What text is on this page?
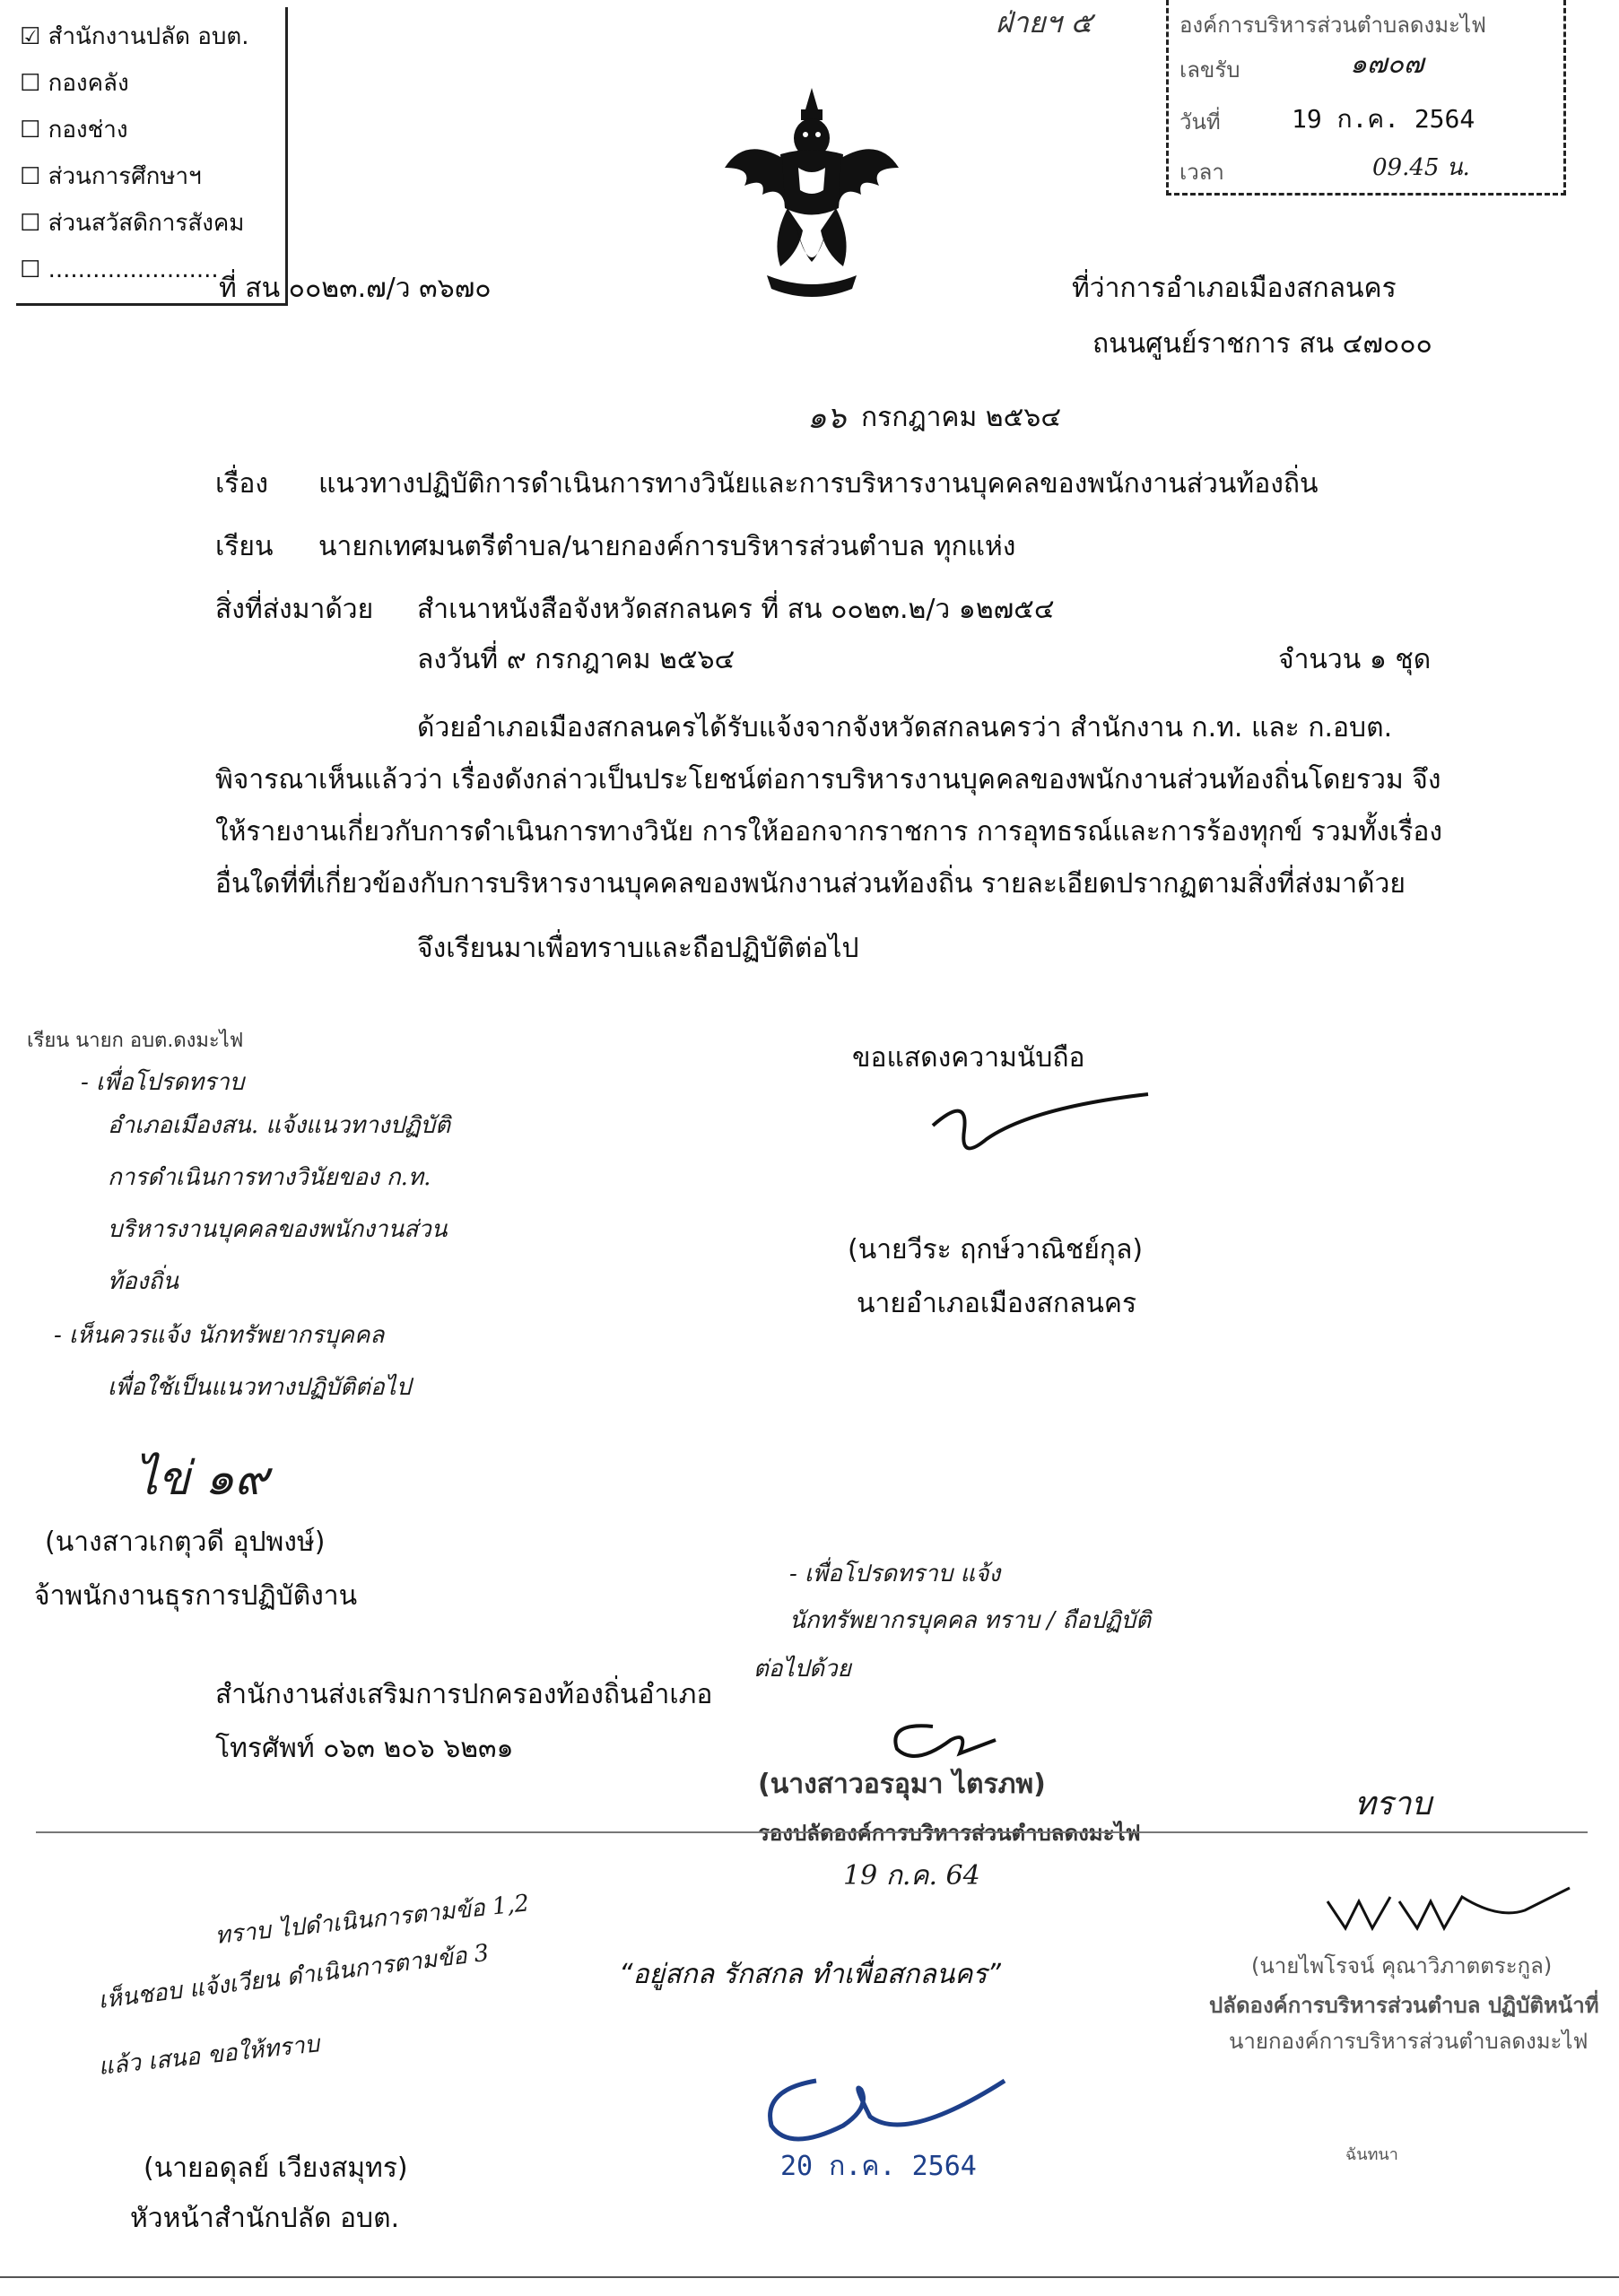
☑ สำนักงานปลัด อบต.
☐ กองคลัง
☐ กองช่าง
☐ ส่วนการศึกษาฯ
☐ ส่วนสวัสดิการสังคม
☐ .......................
ฝ่ายฯ ๕	องค์การบริหารส่วนตำบลดงมะไฟ
เลขรับ	๑๗๐๗
วันที่	19 ก.ค. 2564
เวลา	09.45 น.
ที่ สน ๐๐๒๓.๗/ว ๓๖๗๐	ที่ว่าการอำเภอเมืองสกลนคร
ถนนศูนย์ราชการ สน ๔๗๐๐๐
๑๖ กรกฎาคม ๒๕๖๔
เรื่อง แนวทางปฏิบัติการดำเนินการทางวินัยและการบริหารงานบุคคลของพนักงานส่วนท้องถิ่น
เรียน นายกเทศมนตรีตำบล/นายกองค์การบริหารส่วนตำบล ทุกแห่ง
สิ่งที่ส่งมาด้วย สำเนาหนังสือจังหวัดสกลนคร ที่ สน ๐๐๒๓.๒/ว ๑๒๗๕๔
ลงวันที่ ๙ กรกฎาคม ๒๕๖๔	จำนวน ๑ ชุด
ด้วยอำเภอเมืองสกลนครได้รับแจ้งจากจังหวัดสกลนครว่า สำนักงาน ก.ท. และ ก.อบต.
พิจารณาเห็นแล้วว่า เรื่องดังกล่าวเป็นประโยชน์ต่อการบริหารงานบุคคลของพนักงานส่วนท้องถิ่นโดยรวม จึง
ให้รายงานเกี่ยวกับการดำเนินการทางวินัย การให้ออกจากราชการ การอุทธรณ์และการร้องทุกข์ รวมทั้งเรื่อง
อื่นใดที่ที่เกี่ยวข้องกับการบริหารงานบุคคลของพนักงานส่วนท้องถิ่น รายละเอียดปรากฏตามสิ่งที่ส่งมาด้วย
จึงเรียนมาเพื่อทราบและถือปฏิบัติต่อไป
เรียน นายก อบต.ดงมะไฟ
- เพื่อโปรดทราบ
อำเภอเมืองสน. แจ้งแนวทางปฏิบัติ
การดำเนินการทางวินัยของ ก.ท.
บริหารงานบุคคลของพนักงานส่วน
ท้องถิ่น
- เห็นควรแจ้ง นักทรัพยากรบุคคล
เพื่อใช้เป็นแนวทางปฏิบัติต่อไป
ไข่ ๑๙
(นางสาวเกตุวดี อุปพงษ์)
จ้าพนักงานธุรการปฏิบัติงาน
ขอแสดงความนับถือ
(นายวีระ ฤกษ์วาณิชย์กุล)
นายอำเภอเมืองสกลนคร
- เพื่อโปรดทราบ แจ้ง
นักทรัพยากรบุคคล ทราบ / ถือปฏิบัติ
ต่อไปด้วย
(นางสาวอรอุมา ไตรภพ)
รองปลัดองค์การบริหารส่วนตำบลดงมะไฟ
19 ก.ค. 64
สำนักงานส่งเสริมการปกครองท้องถิ่นอำเภอ
โทรศัพท์ ๐๖๓ ๒๐๖ ๖๒๓๑
ทราบ
(นายไพโรจน์ คุณาวิภาตตระกูล)
ปลัดองค์การบริหารส่วนตำบล ปฏิบัติหน้าที่
นายกองค์การบริหารส่วนตำบลดงมะไฟ
ฉันทนา
“อยู่สกล รักสกล ทำเพื่อสกลนคร”
ทราบ ไปดำเนินการตามข้อ 1,2
เห็นชอบ แจ้งเวียน ดำเนินการตามข้อ 3
แล้ว เสนอ ขอให้ทราบ
(นายอดุลย์ เวียงสมุทร)
หัวหน้าสำนักปลัด อบต.
20 ก.ค. 2564
